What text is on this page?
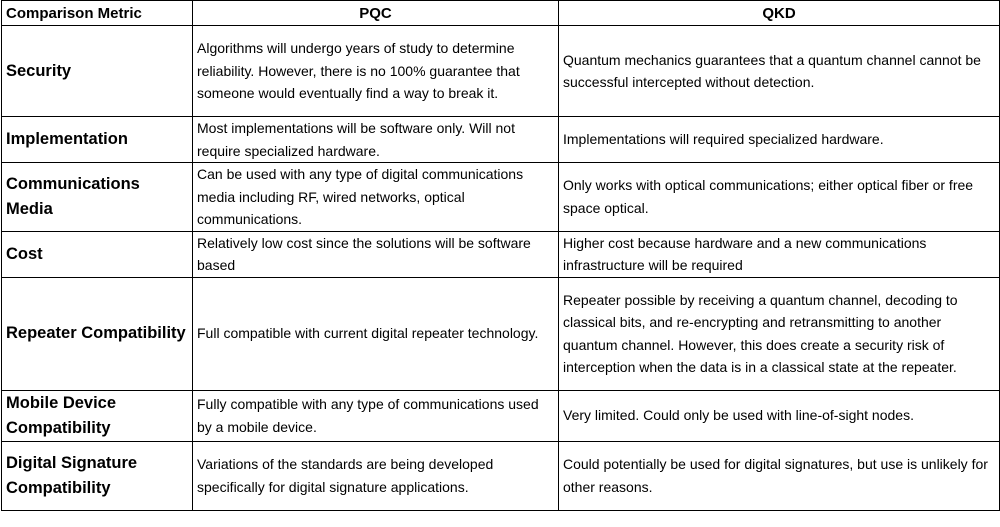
Comparison Metric	PQC	QKD
Security	Algorithms will undergo years of study to determine reliability. However, there is no 100% guarantee that someone would eventually find a way to break it.	Quantum mechanics guarantees that a quantum channel cannot be successful intercepted without detection.
Implementation	Most implementations will be software only. Will not require specialized hardware.	Implementations will required specialized hardware.
Communications Media	Can be used with any type of digital communications media including RF, wired networks, optical communications.	Only works with optical communications; either optical fiber or free space optical.
Cost	Relatively low cost since the solutions will be software based	Higher cost because hardware and a new communications infrastructure will be required
Repeater Compatibility	Full compatible with current digital repeater technology.	Repeater possible by receiving a quantum channel, decoding to classical bits, and re-encrypting and retransmitting to another quantum channel. However, this does create a security risk of interception when the data is in a classical state at the repeater.
Mobile Device Compatibility	Fully compatible with any type of communications used by a mobile device.	Very limited. Could only be used with line-of-sight nodes.
Digital Signature Compatibility	Variations of the standards are being developed specifically for digital signature applications.	Could potentially be used for digital signatures, but use is unlikely for other reasons.
